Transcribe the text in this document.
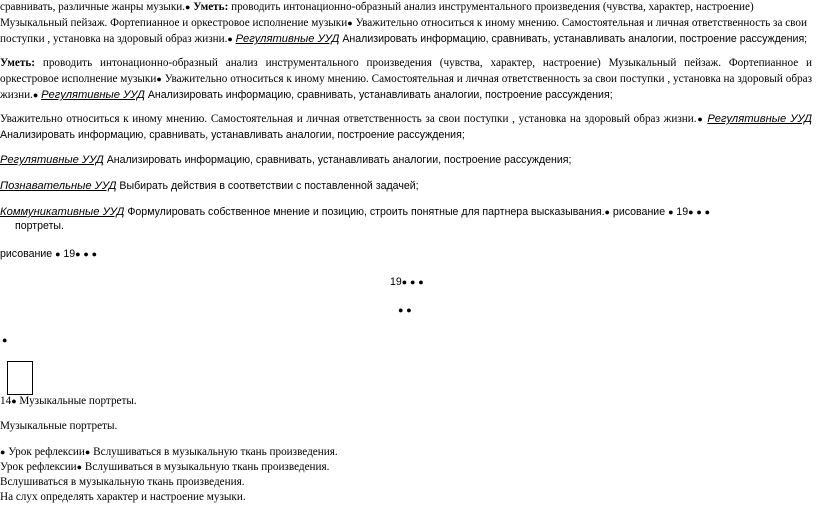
сравнивать, различные жанры музыки.● Уметь: проводить интонационно-образный анализ инструментального произведения (чувства, характер, настроение)

Музыкальный пейзаж. Фортепианное и оркестровое исполнение музыки● Уважительно относиться к иному мнению. Самостоятельная и личная ответственность за свои

поступки , установка на здоровый образ жизни.● Регулятивные УУД Анализировать информацию, сравнивать, устанавливать аналогии, построение рассуждения;

Уметь: проводить интонационно-образный анализ инструментального произведения (чувства, характер, настроение) Музыкальный пейзаж. Фортепианное и оркестровое исполнение музыки● Уважительно относиться к иному мнению. Самостоятельная и личная ответственность за свои поступки , установка на здоровый образ жизни.● Регулятивные УУД Анализировать информацию, сравнивать, устанавливать аналогии, построение рассуждения;

Уважительно относиться к иному мнению. Самостоятельная и личная ответственность за свои поступки , установка на здоровый образ жизни.● Регулятивные УУД Анализировать информацию, сравнивать, устанавливать аналогии, построение рассуждения;

Регулятивные УУД Анализировать информацию, сравнивать, устанавливать аналогии, построение рассуждения;

Познавательные УУД Выбирать действия в соответствии с поставленной задачей;

Коммуникативные УУД Формулировать собственное мнение и позицию, строить понятные для партнера высказывания.● рисование ● 19● ● ●

портреты.

рисование ● 19● ● ●

19● ● ●

● ●

●

14● Музыкальные портреты.

Музыкальные портреты.

● Урок рефлексии● Вслушиваться в музыкальную ткань произведения.

Урок рефлексии● Вслушиваться в музыкальную ткань произведения.

Вслушиваться в музыкальную ткань произведения.

На слух определять характер и настроение музыки.
